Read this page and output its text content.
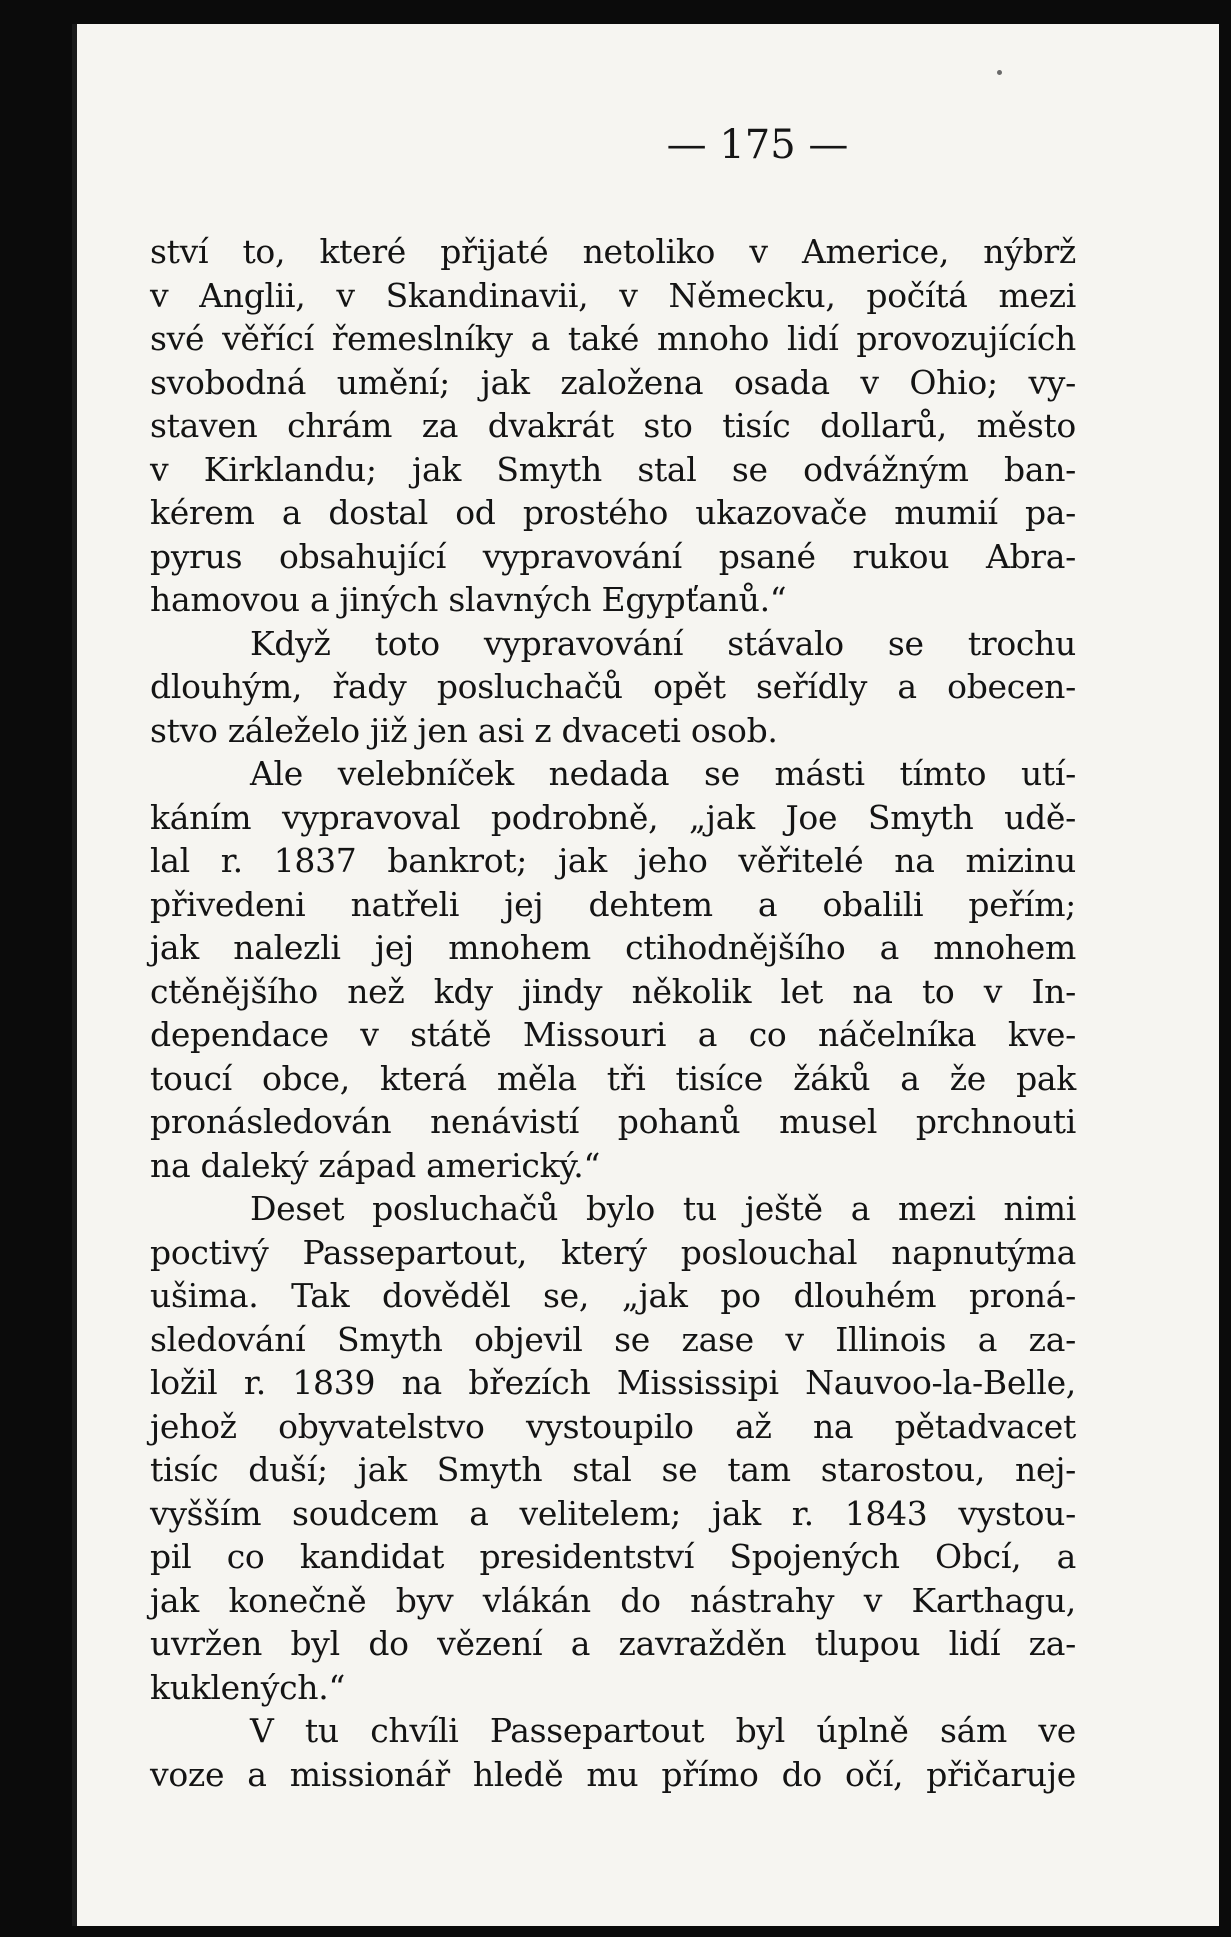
— 175 —
ství to, které přijaté netoliko v Americe, nýbrž
v Anglii, v Skandinavii, v Německu, počítá mezi
své věřící řemeslníky a také mnoho lidí provozujících
svobodná umění; jak založena osada v Ohio; vy-
staven chrám za dvakrát sto tisíc dollarů, město
v Kirklandu; jak Smyth stal se odvážným ban-
kérem a dostal od prostého ukazovače mumií pa-
pyrus obsahující vypravování psané rukou Abra-
hamovou a jiných slavných Egypťanů.“
Když toto vypravování stávalo se trochu
dlouhým, řady posluchačů opět seřídly a obecen-
stvo záleželo již jen asi z dvaceti osob.
Ale velebníček nedada se másti tímto utí-
káním vypravoval podrobně, „jak Joe Smyth udě-
lal r. 1837 bankrot; jak jeho věřitelé na mizinu
přivedeni natřeli jej dehtem a obalili peřím;
jak nalezli jej mnohem ctihodnějšího a mnohem
ctěnějšího než kdy jindy několik let na to v In-
dependace v státě Missouri a co náčelníka kve-
toucí obce, která měla tři tisíce žáků a že pak
pronásledován nenávistí pohanů musel prchnouti
na daleký západ americký.“
Deset posluchačů bylo tu ještě a mezi nimi
poctivý Passepartout, který poslouchal napnutýma
ušima. Tak dověděl se, „jak po dlouhém proná-
sledování Smyth objevil se zase v Illinois a za-
ložil r. 1839 na březích Mississipi Nauvoo-la-Belle,
jehož obyvatelstvo vystoupilo až na pětadvacet
tisíc duší; jak Smyth stal se tam starostou, nej-
vyšším soudcem a velitelem; jak r. 1843 vystou-
pil co kandidat presidentství Spojených Obcí, a
jak konečně byv vlákán do nástrahy v Karthagu,
uvržen byl do vězení a zavražděn tlupou lidí za-
kuklených.“
V tu chvíli Passepartout byl úplně sám ve
voze a missionář hledě mu přímo do očí, přičaruje
